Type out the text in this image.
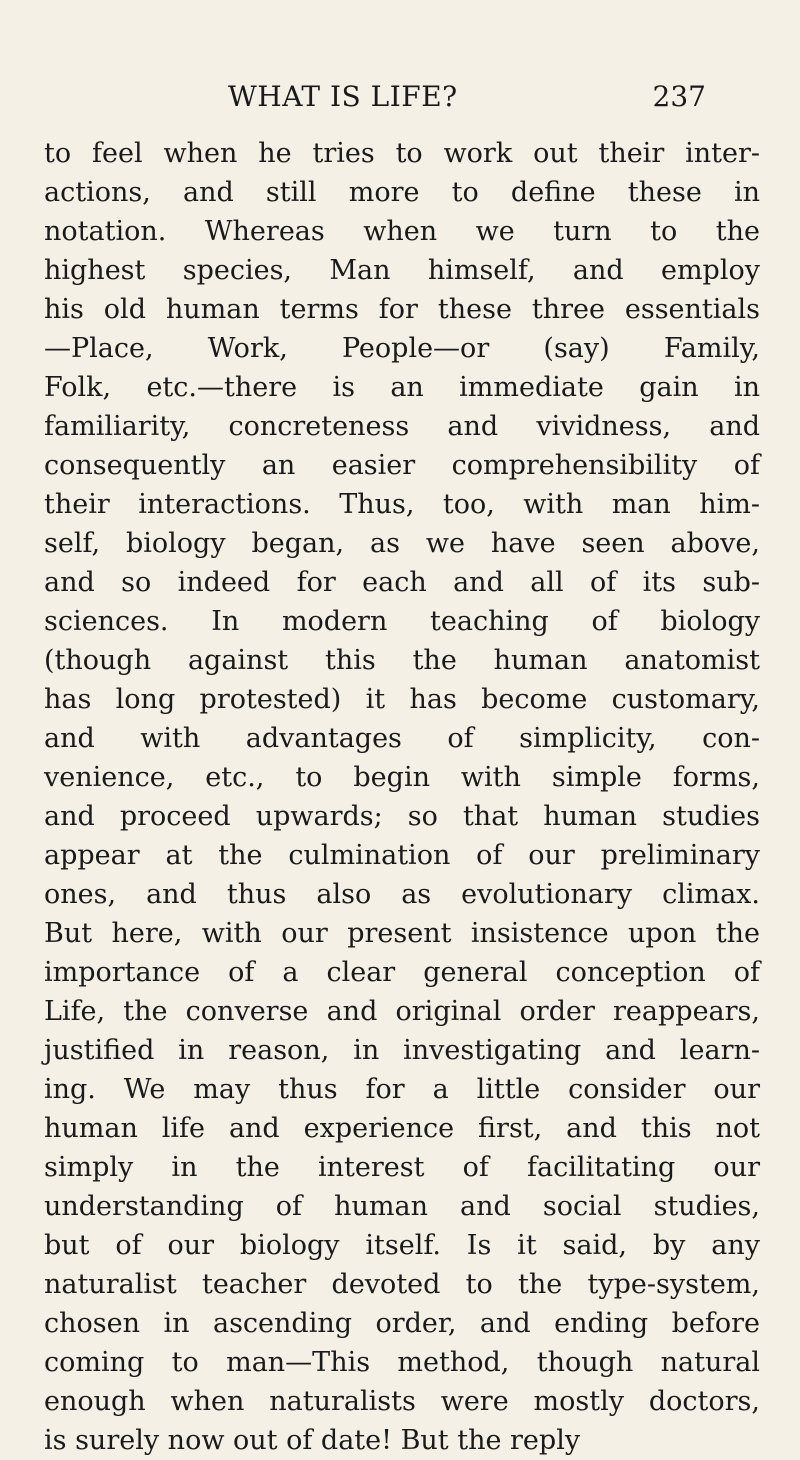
WHAT IS LIFE?	237
to feel when he tries to work out their inter-
actions, and still more to define these in
notation. Whereas when we turn to the
highest species, Man himself, and employ
his old human terms for these three essentials
—Place, Work, People—or (say) Family,
Folk, etc.—there is an immediate gain in
familiarity, concreteness and vividness, and
consequently an easier comprehensibility of
their interactions. Thus, too, with man him-
self, biology began, as we have seen above,
and so indeed for each and all of its sub-
sciences. In modern teaching of biology
(though against this the human anatomist
has long protested) it has become customary,
and with advantages of simplicity, con-
venience, etc., to begin with simple forms,
and proceed upwards; so that human studies
appear at the culmination of our preliminary
ones, and thus also as evolutionary climax.
But here, with our present insistence upon the
importance of a clear general conception of
Life, the converse and original order reappears,
justified in reason, in investigating and learn-
ing. We may thus for a little consider our
human life and experience first, and this not
simply in the interest of facilitating our
understanding of human and social studies,
but of our biology itself. Is it said, by any
naturalist teacher devoted to the type-system,
chosen in ascending order, and ending before
coming to man—This method, though natural
enough when naturalists were mostly doctors,
is surely now out of date! But the reply
